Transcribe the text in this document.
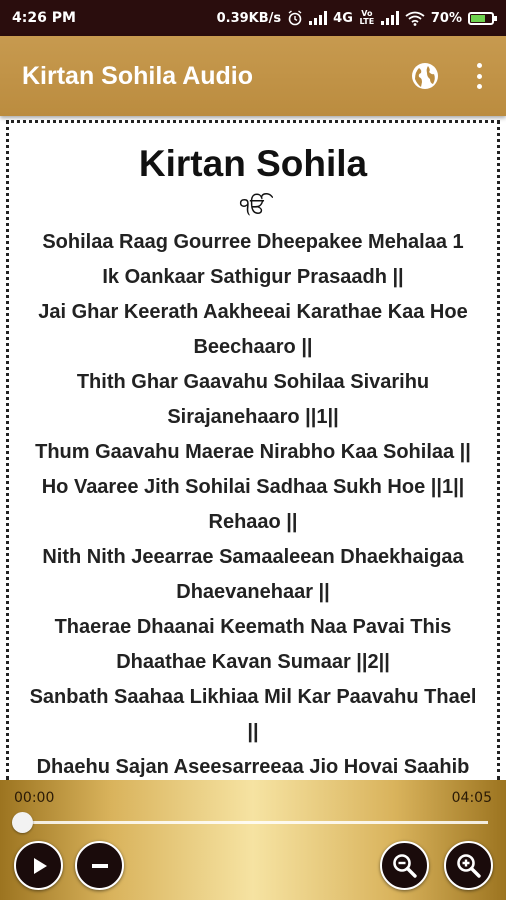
4:26 PM	0.39KB/s	4G Vo LTE	70%
Kirtan Sohila Audio
Kirtan Sohila
ੴ
Sohilaa Raag Gourree Dheepakee Mehalaa 1
Ik Oankaar Sathigur Prasaadh ||
Jai Ghar Keerath Aakheeai Karathae Kaa Hoe
Beechaaro ||
Thith Ghar Gaavahu Sohilaa Sivarihu
Sirajanehaaro ||1||
Thum Gaavahu Maerae Nirabho Kaa Sohilaa ||
Ho Vaaree Jith Sohilai Sadhaa Sukh Hoe ||1||
Rehaao ||
Nith Nith Jeearrae Samaaleean Dhaekhaigaa
Dhaevanehaar ||
Thaerae Dhaanai Keemath Naa Pavai This
Dhaathae Kavan Sumaar ||2||
Sanbath Saahaa Likhiaa Mil Kar Paavahu Thael
||
Dhaehu Sajan Aseesarreeaa Jio Hovai Saahib
00:00	04:05
